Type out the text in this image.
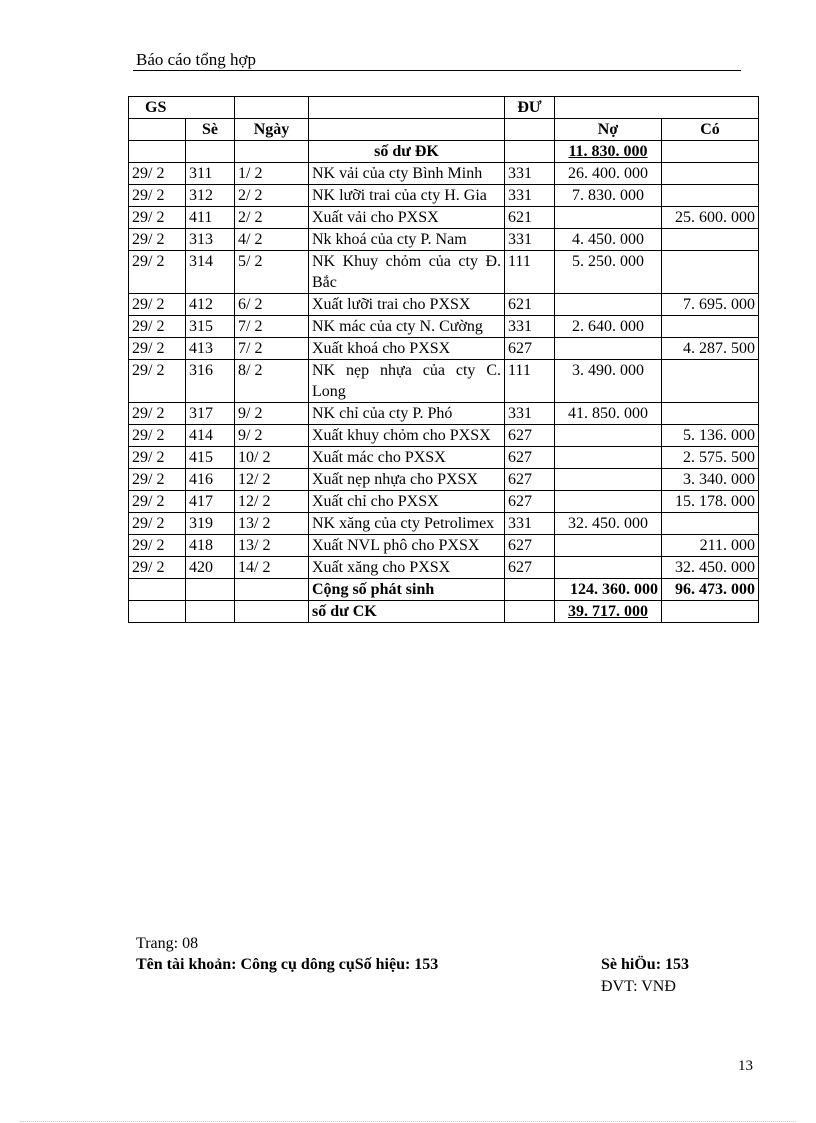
Báo cáo tổng hợp
GS				ĐƯ		
	Sè	Ngày			Nợ	Có
			số dư ĐK		11. 830. 000	
29/ 2	311	1/ 2	NK vải của cty Bình Minh	331	26. 400. 000	
29/ 2	312	2/ 2	NK lưỡi trai của cty H. Gia	331	7. 830. 000	
29/ 2	411	2/ 2	Xuất vải cho PXSX	621		25. 600. 000
29/ 2	313	4/ 2	Nk khoá của cty P. Nam	331	4. 450. 000	
29/ 2	314	5/ 2	NK Khuy chỏm của cty Đ. Bắc	111	5. 250. 000	
29/ 2	412	6/ 2	Xuất lưỡi trai cho PXSX	621		7. 695. 000
29/ 2	315	7/ 2	NK mác của cty N. Cường	331	2. 640. 000	
29/ 2	413	7/ 2	Xuất khoá cho PXSX	627		4. 287. 500
29/ 2	316	8/ 2	NK nẹp nhựa của cty C. Long	111	3. 490. 000	
29/ 2	317	9/ 2	NK chỉ của cty P. Phó	331	41. 850. 000	
29/ 2	414	9/ 2	Xuất khuy chỏm cho PXSX	627		5. 136. 000
29/ 2	415	10/ 2	Xuất mác cho PXSX	627		2. 575. 500
29/ 2	416	12/ 2	Xuất nẹp nhựa cho PXSX	627		3. 340. 000
29/ 2	417	12/ 2	Xuất chỉ cho PXSX	627		15. 178. 000
29/ 2	319	13/ 2	NK xăng của cty Petrolimex	331	32. 450. 000	
29/ 2	418	13/ 2	Xuất NVL phô cho PXSX	627		211. 000
29/ 2	420	14/ 2	Xuất xăng cho PXSX	627		32. 450. 000
			Cộng số phát sinh		124. 360. 000	96. 473. 000
			số dư CK		39. 717. 000	
Trang: 08
Tên tài khoản: Công cụ dông cụSố hiệu: 153	Sè hiÖu: 153
ĐVT: VNĐ
13
